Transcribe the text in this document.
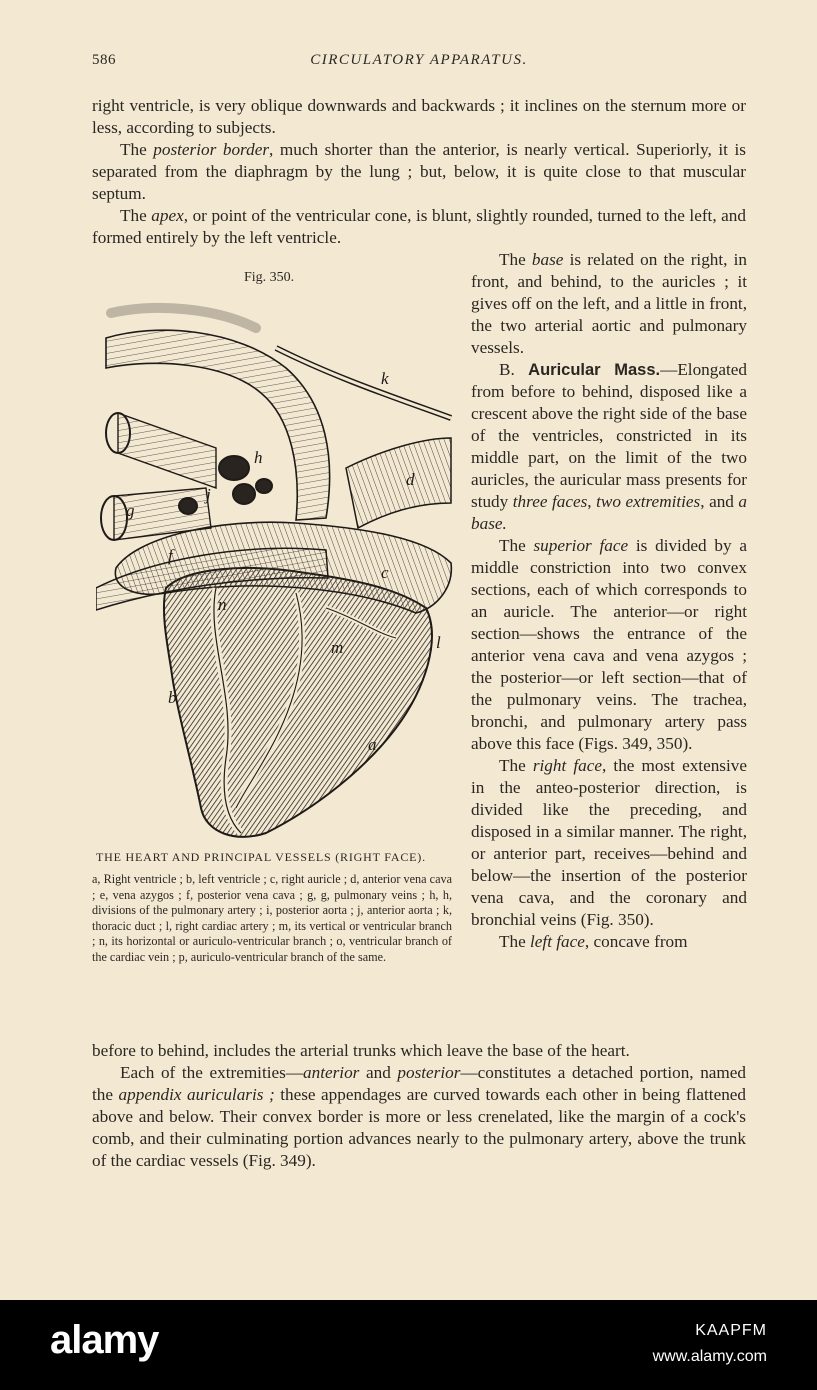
586	CIRCULATORY APPARATUS.

right ventricle, is very oblique downwards and backwards ; it inclines on the sternum more or less, according to subjects.

The posterior border, much shorter than the anterior, is nearly vertical. Superiorly, it is separated from the diaphragm by the lung ; but, below, it is quite close to that muscular septum.

The apex, or point of the ventricular cone, is blunt, slightly rounded, turned to the left, and formed entirely by the left ventricle.

Fig. 350.
k
h
d
j
g
f
c
n
m	l
b
a
THE HEART AND PRINCIPAL VESSELS (RIGHT FACE).

a, Right ventricle ; b, left ventricle ; c, right auricle ; d, anterior vena cava ; e, vena azygos ; f, posterior vena cava ; g, g, pulmonary veins ; h, h, divisions of the pulmonary artery ; i, posterior aorta ; j, anterior aorta ; k, thoracic duct ; l, right cardiac artery ; m, its vertical or ventricular branch ; n, its horizontal or auriculo-ventricular branch ; o, ventricular branch of the cardiac vein ; p, auriculo-ventricular branch of the same.

The base is related on the right, in front, and behind, to the auricles ; it gives off on the left, and a little in front, the two arterial aortic and pulmonary vessels.

B. Auricular Mass.—Elongated from before to behind, disposed like a crescent above the right side of the base of the ventricles, constricted in its middle part, on the limit of the two auricles, the auricular mass presents for study three faces, two extremities, and a base.

The superior face is divided by a middle constriction into two convex sections, each of which corresponds to an auricle. The anterior—or right section—shows the entrance of the anterior vena cava and vena azygos ; the posterior—or left section—that of the pulmonary veins. The trachea, bronchi, and pulmonary artery pass above this face (Figs. 349, 350).

The right face, the most extensive in the anteo-posterior direction, is divided like the preceding, and disposed in a similar manner. The right, or anterior part, receives—behind and below—the insertion of the posterior vena cava, and the coronary and bronchial veins (Fig. 350).

The left face, concave from

before to behind, includes the arterial trunks which leave the base of the heart.

Each of the extremities—anterior and posterior—constitutes a detached portion, named the appendix auricularis ; these appendages are curved towards each other in being flattened above and below. Their convex border is more or less crenelated, like the margin of a cock's comb, and their culminating portion advances nearly to the pulmonary artery, above the trunk of the cardiac vessels (Fig. 349).

alamy	KAAPFM
www.alamy.com
